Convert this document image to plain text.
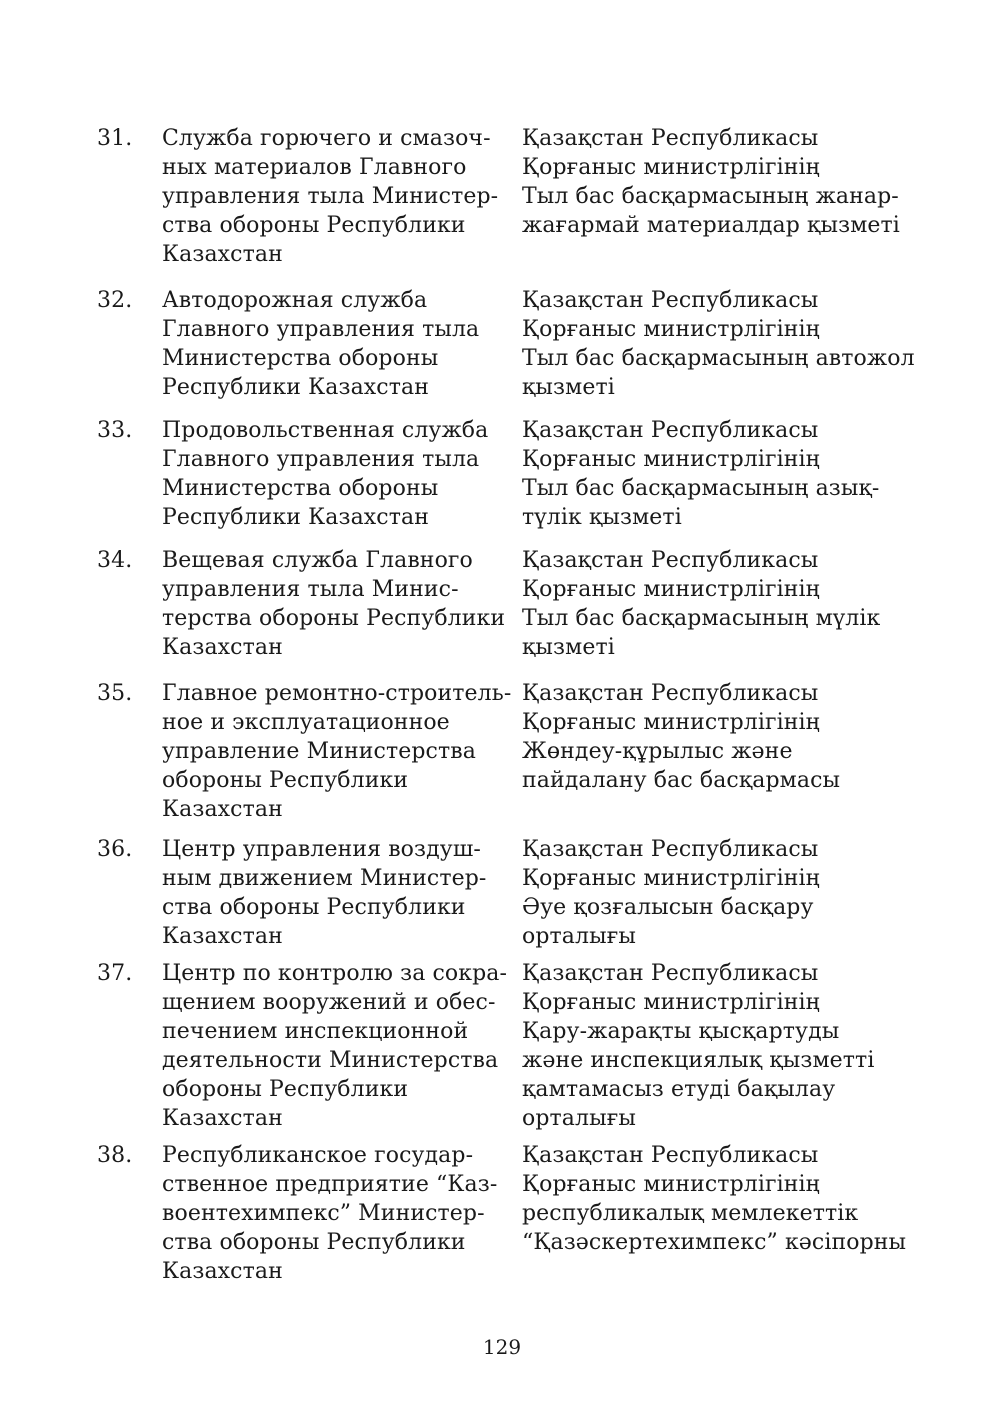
31. Служба горючего и смазоч-
ных материалов Главного
управления тыла Министер-
ства обороны Республики
Казахстан
Қазақстан Республикасы
Қорғаныс министрлігінің
Тыл бас басқармасының жанар-
жағармай материалдар қызметі
32. Автодорожная служба
Главного управления тыла
Министерства обороны
Республики Казахстан
Қазақстан Республикасы
Қорғаныс министрлігінің
Тыл бас басқармасының автожол
қызметі
33. Продовольственная служба
Главного управления тыла
Министерства обороны
Республики Казахстан
Қазақстан Республикасы
Қорғаныс министрлігінің
Тыл бас басқармасының азық-
түлік қызметі
34. Вещевая служба Главного
управления тыла Минис-
терства обороны Республики
Казахстан
Қазақстан Республикасы
Қорғаныс министрлігінің
Тыл бас басқармасының мүлік
қызметі
35. Главное ремонтно-строитель-
ное и эксплуатационное
управление Министерства
обороны Республики
Казахстан
Қазақстан Республикасы
Қорғаныс министрлігінің
Жөндеу-құрылыс және
пайдалану бас басқармасы
36. Центр управления воздуш-
ным движением Министер-
ства обороны Республики
Казахстан
Қазақстан Республикасы
Қорғаныс министрлігінің
Әуе қозғалысын басқару
орталығы
37. Центр по контролю за сокра-
щением вооружений и обес-
печением инспекционной
деятельности Министерства
обороны Республики
Казахстан
Қазақстан Республикасы
Қорғаныс министрлігінің
Қару-жарақты қысқартуды
және инспекциялық қызметті
қамтамасыз етуді бақылау
орталығы
38. Республиканское государ-
ственное предприятие “Каз-
воентехимпекс” Министер-
ства обороны Республики
Казахстан
Қазақстан Республикасы
Қорғаныс министрлігінің
республикалық мемлекеттік
“Қазәскертехимпекс” кәсіпорны
129
